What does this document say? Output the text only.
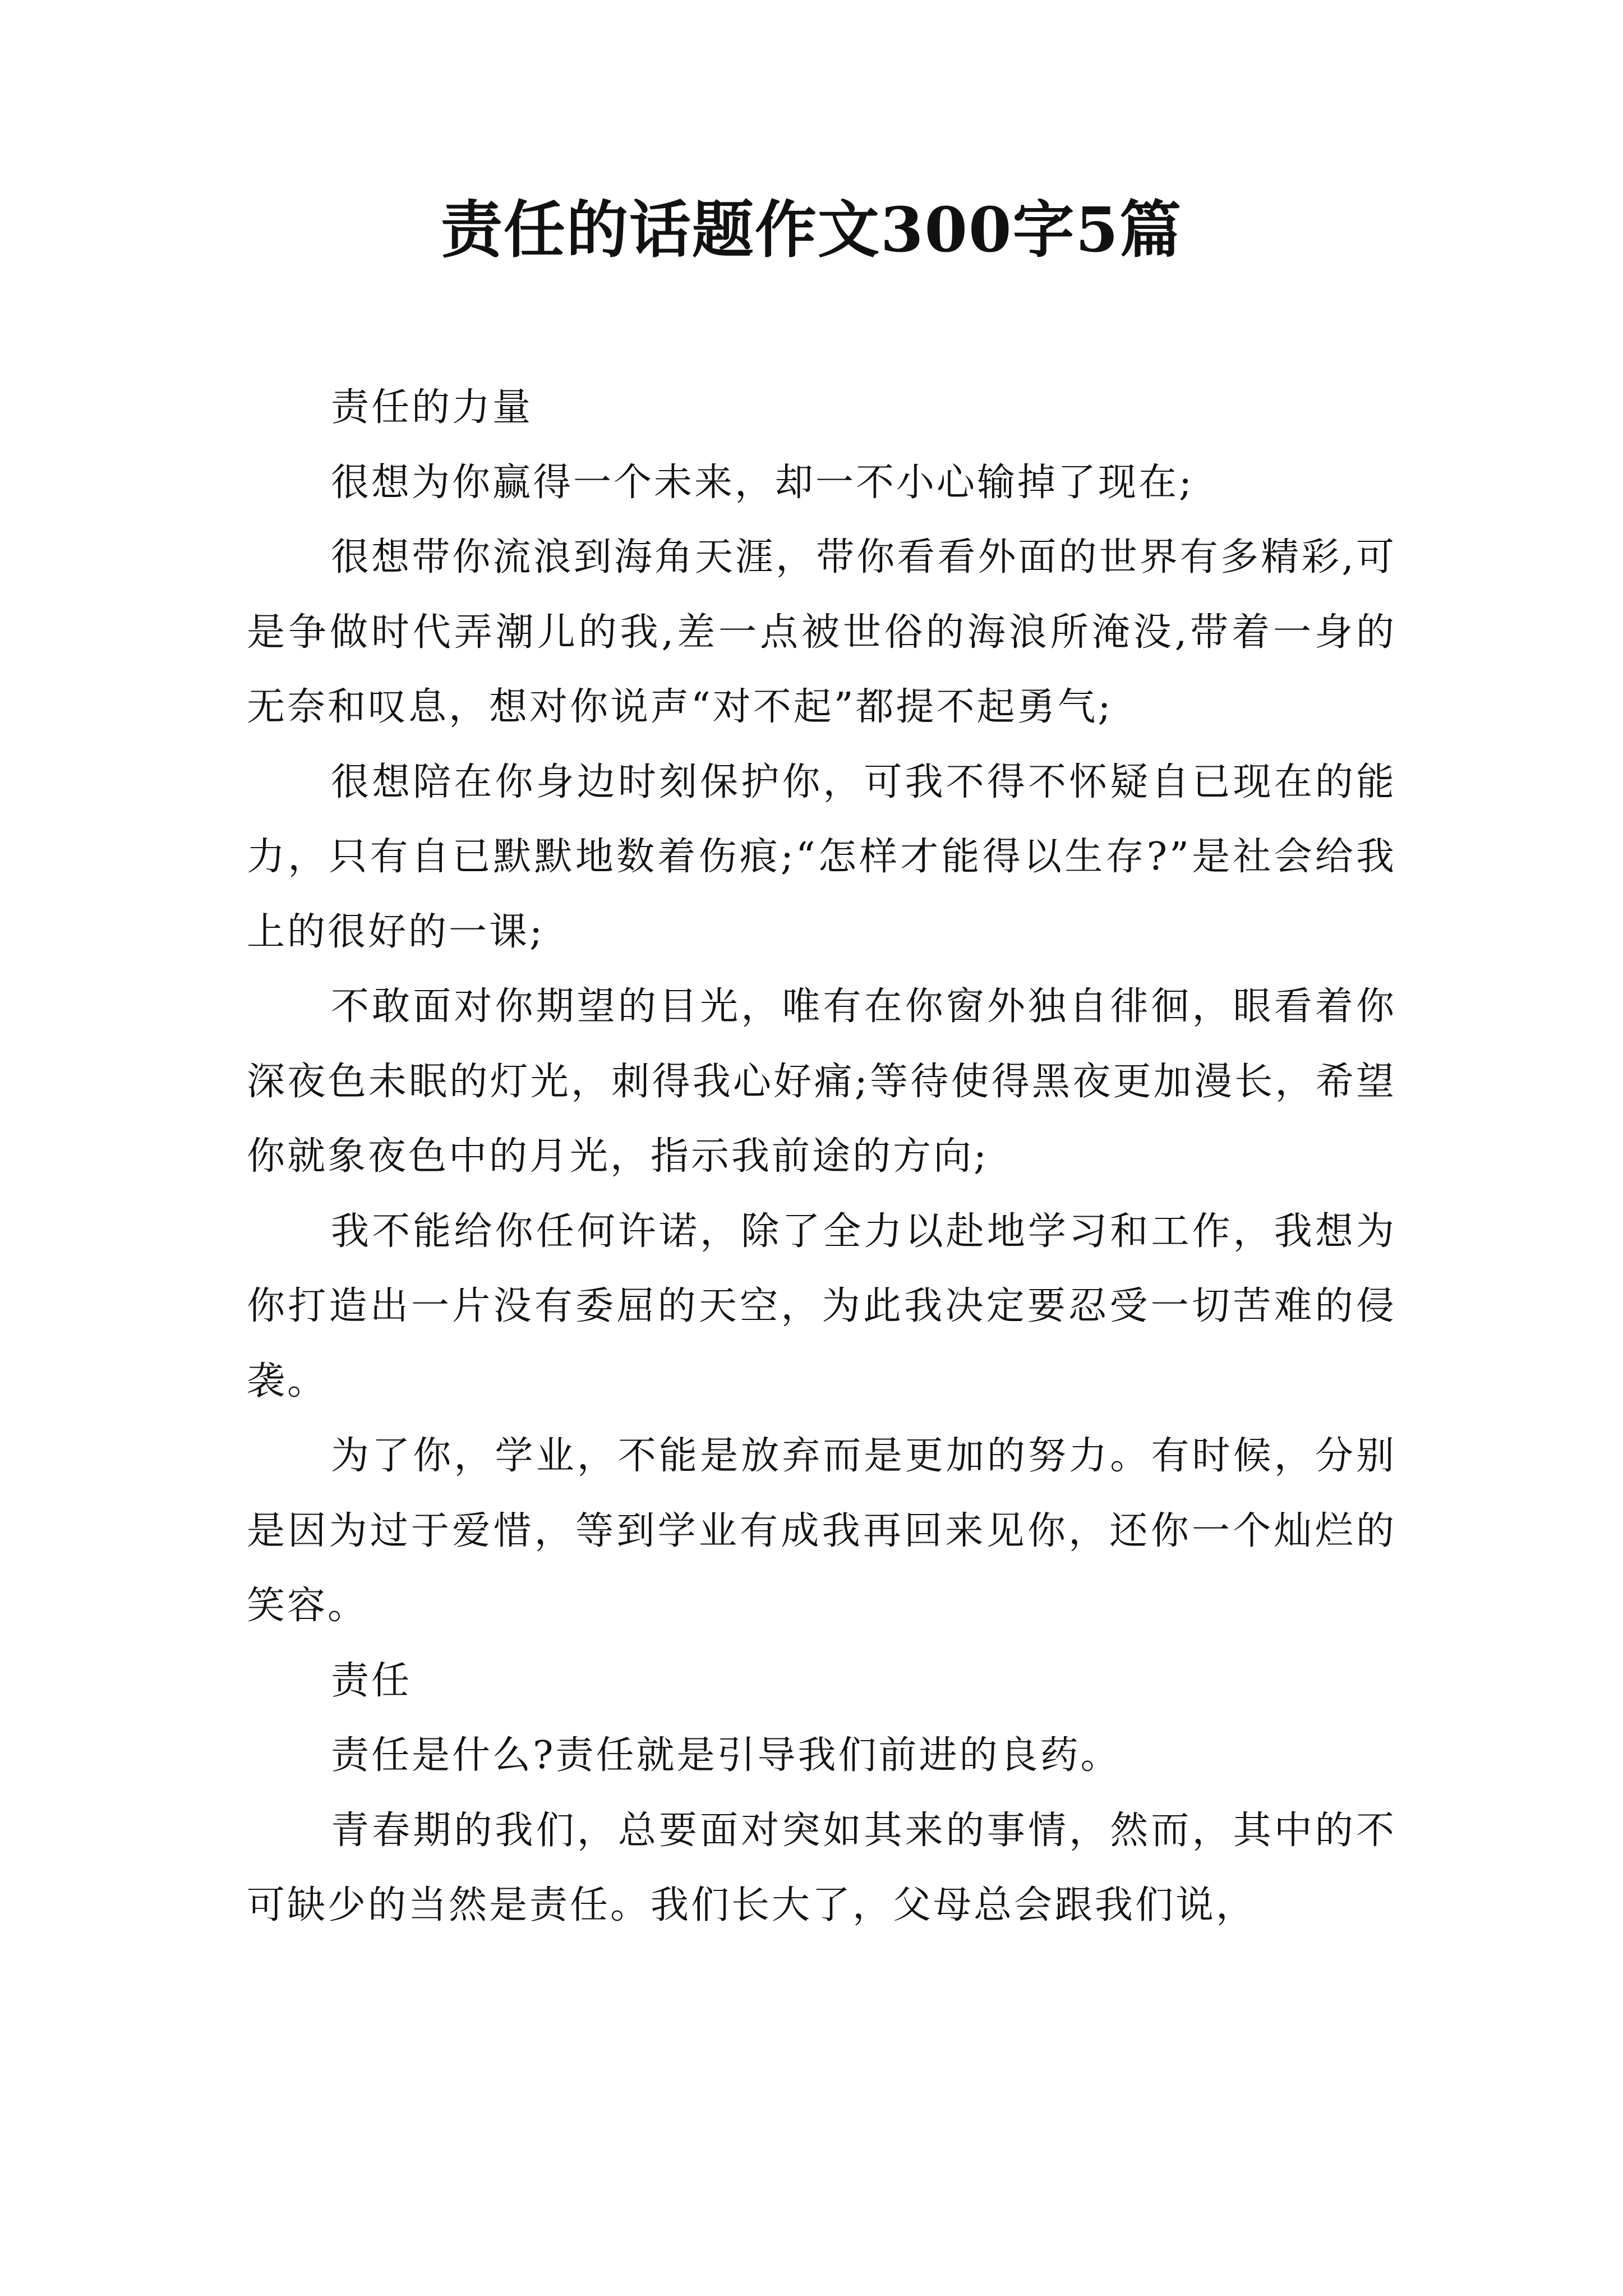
责任的话题作文300字5篇

责任的力量

很想为你赢得一个未来，却一不小心输掉了现在;

很想带你流浪到海角天涯，带你看看外面的世界有多精彩,可是争做时代弄潮儿的我,差一点被世俗的海浪所淹没,带着一身的无奈和叹息，想对你说声“对不起”都提不起勇气;

很想陪在你身边时刻保护你，可我不得不怀疑自已现在的能力，只有自已默默地数着伤痕;“怎样才能得以生存?”是社会给我上的很好的一课;

不敢面对你期望的目光，唯有在你窗外独自徘徊，眼看着你深夜色未眠的灯光，刺得我心好痛;等待使得黑夜更加漫长，希望你就象夜色中的月光，指示我前途的方向;

我不能给你任何许诺，除了全力以赴地学习和工作，我想为你打造出一片没有委屈的天空，为此我决定要忍受一切苦难的侵袭。

为了你，学业，不能是放弃而是更加的努力。有时候，分别是因为过于爱惜，等到学业有成我再回来见你，还你一个灿烂的笑容。

责任

责任是什么?责任就是引导我们前进的良药。

青春期的我们，总要面对突如其来的事情，然而，其中的不可缺少的当然是责任。我们长大了，父母总会跟我们说，
